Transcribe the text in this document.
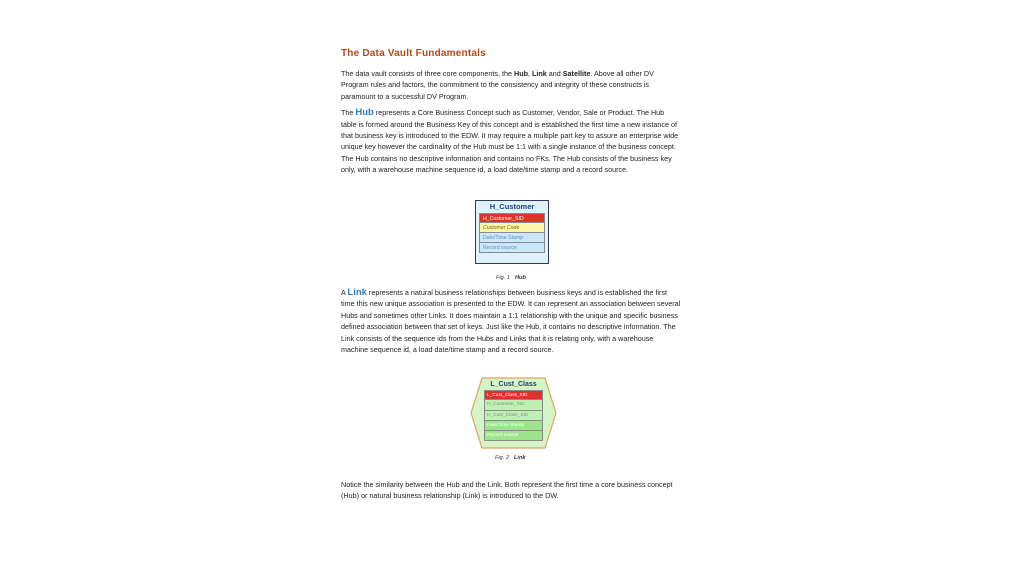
The Data Vault Fundamentals

The data vault consists of three core components, the Hub, Link and Satellite. Above all other DV Program rules and factors, the commitment to the consistency and integrity of these constructs is paramount to a successful DV Program.

The Hub represents a Core Business Concept such as Customer, Vendor, Sale or Product. The Hub table is formed around the Business Key of this concept and is established the first time a new instance of that business key is introduced to the EDW. It may require a multiple part key to assure an enterprise wide unique key however the cardinality of the Hub must be 1:1 with a single instance of the business concept. The Hub contains no descriptive information and contains no FKs. The Hub consists of the business key only, with a warehouse machine sequence id, a load date/time stamp and a record source.

H_Customer
H_Customer_SID
Customer Code
Date/Time Stamp
Record source
Fig. 1 Hub

A Link represents a natural business relationships between business keys and is established the first time this new unique association is presented to the EDW. It can represent an association between several Hubs and sometimes other Links. It does maintain a 1:1 relationship with the unique and specific business defined association between that set of keys. Just like the Hub, it contains no descriptive information. The Link consists of the sequence ids from the Hubs and Links that it is relating only, with a warehouse machine sequence id, a load date/time stamp and a record source.

L_Cust_Class
L_Cust_Class_SID
H_Customer_SID
H_Cust_Class_SID
Date/Time Stamp
Record source
Fig. 2 Link

Notice the similarity between the Hub and the Link. Both represent the first time a core business concept (Hub) or natural business relationship (Link) is introduced to the DW.
